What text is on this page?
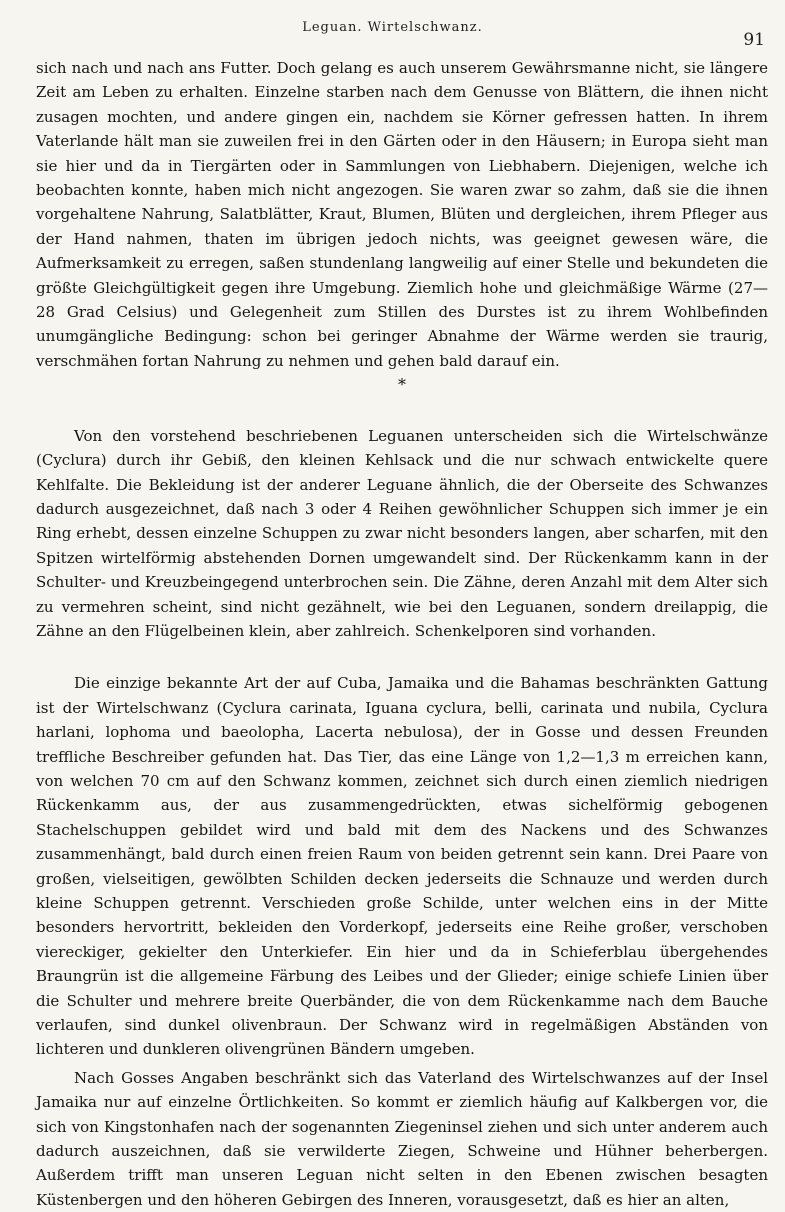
Leguan. Wirtelschwanz.
91

sich nach und nach ans Futter. Doch gelang es auch unserem Gewährsmanne nicht, sie längere Zeit am Leben zu erhalten. Einzelne starben nach dem Genusse von Blättern, die ihnen nicht zusagen mochten, und andere gingen ein, nachdem sie Körner gefressen hatten. In ihrem Vaterlande hält man sie zuweilen frei in den Gärten oder in den Häusern; in Europa sieht man sie hier und da in Tiergärten oder in Sammlungen von Liebhabern. Diejenigen, welche ich beobachten konnte, haben mich nicht angezogen. Sie waren zwar so zahm, daß sie die ihnen vorgehaltene Nahrung, Salatblätter, Kraut, Blumen, Blüten und dergleichen, ihrem Pfleger aus der Hand nahmen, thaten im übrigen jedoch nichts, was geeignet gewesen wäre, die Aufmerksamkeit zu erregen, saßen stundenlang langweilig auf einer Stelle und bekundeten die größte Gleichgültigkeit gegen ihre Umgebung. Ziemlich hohe und gleichmäßige Wärme (27—28 Grad Celsius) und Gelegenheit zum Stillen des Durstes ist zu ihrem Wohlbefinden unumgängliche Bedingung: schon bei geringer Abnahme der Wärme werden sie traurig, verschmähen fortan Nahrung zu nehmen und gehen bald darauf ein.

*

Von den vorstehend beschriebenen Leguanen unterscheiden sich die Wirtelschwänze (Cyclura) durch ihr Gebiß, den kleinen Kehlsack und die nur schwach entwickelte quere Kehlfalte. Die Bekleidung ist der anderer Leguane ähnlich, die der Oberseite des Schwanzes dadurch ausgezeichnet, daß nach 3 oder 4 Reihen gewöhnlicher Schuppen sich immer je ein Ring erhebt, dessen einzelne Schuppen zu zwar nicht besonders langen, aber scharfen, mit den Spitzen wirtelförmig abstehenden Dornen umgewandelt sind. Der Rückenkamm kann in der Schulter- und Kreuzbeingegend unterbrochen sein. Die Zähne, deren Anzahl mit dem Alter sich zu vermehren scheint, sind nicht gezähnelt, wie bei den Leguanen, sondern dreilappig, die Zähne an den Flügelbeinen klein, aber zahlreich. Schenkelporen sind vorhanden.

Die einzige bekannte Art der auf Cuba, Jamaika und die Bahamas beschränkten Gattung ist der Wirtelschwanz (Cyclura carinata, Iguana cyclura, belli, carinata und nubila, Cyclura harlani, lophoma und baeolopha, Lacerta nebulosa), der in Gosse und dessen Freunden treffliche Beschreiber gefunden hat. Das Tier, das eine Länge von 1,2—1,3 m erreichen kann, von welchen 70 cm auf den Schwanz kommen, zeichnet sich durch einen ziemlich niedrigen Rückenkamm aus, der aus zusammengedrückten, etwas sichelförmig gebogenen Stachelschuppen gebildet wird und bald mit dem des Nackens und des Schwanzes zusammenhängt, bald durch einen freien Raum von beiden getrennt sein kann. Drei Paare von großen, vielseitigen, gewölbten Schilden decken jederseits die Schnauze und werden durch kleine Schuppen getrennt. Verschieden große Schilde, unter welchen eins in der Mitte besonders hervortritt, bekleiden den Vorderkopf, jederseits eine Reihe großer, verschoben viereckiger, gekielter den Unterkiefer. Ein hier und da in Schieferblau übergehendes Braungrün ist die allgemeine Färbung des Leibes und der Glieder; einige schiefe Linien über die Schulter und mehrere breite Querbänder, die von dem Rückenkamme nach dem Bauche verlaufen, sind dunkel olivenbraun. Der Schwanz wird in regelmäßigen Abständen von lichteren und dunkleren olivengrünen Bändern umgeben.

Nach Gosses Angaben beschränkt sich das Vaterland des Wirtelschwanzes auf der Insel Jamaika nur auf einzelne Örtlichkeiten. So kommt er ziemlich häufig auf Kalkbergen vor, die sich von Kingstonhafen nach der sogenannten Ziegeninsel ziehen und sich unter anderem auch dadurch auszeichnen, daß sie verwilderte Ziegen, Schweine und Hühner beherbergen. Außerdem trifft man unseren Leguan nicht selten in den Ebenen zwischen besagten Küstenbergen und den höheren Gebirgen des Inneren, vorausgesetzt, daß es hier an alten,
